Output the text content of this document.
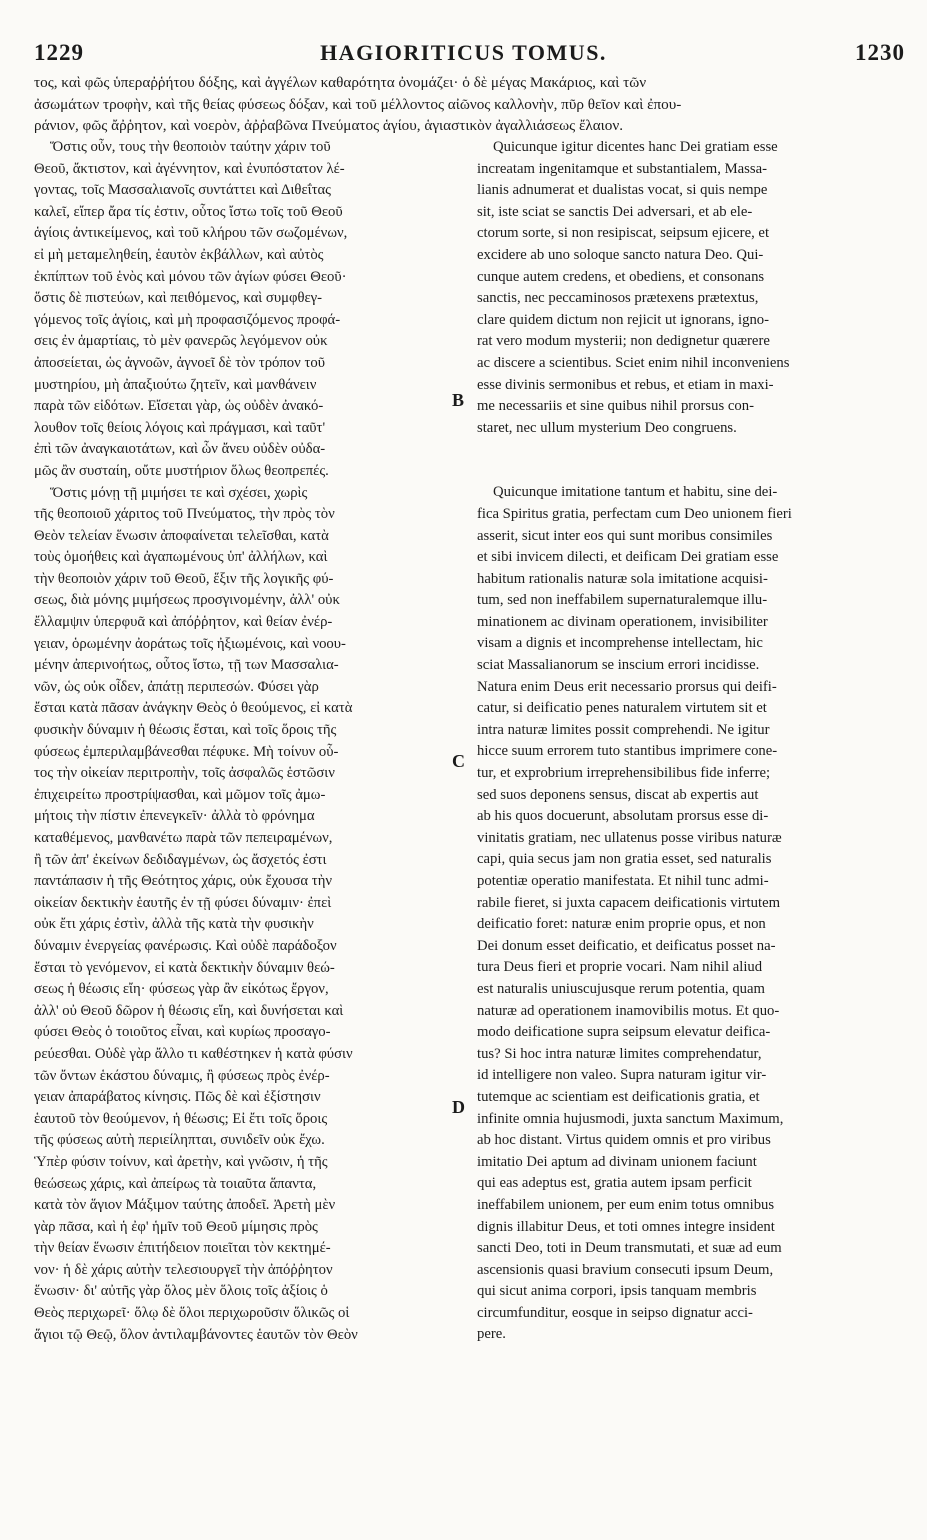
1229	HAGIORITICUS TOMUS.	1230
τος, καὶ φῶς ὑπεραῤῥήτου δόξης, καὶ ἀγγέλων καθαρότητα ὀνομάζει· ὁ δὲ μέγας Μακάριος, καὶ τῶν
ἀσωμάτων τροφὴν, καὶ τῆς θείας φύσεως δόξαν, καὶ τοῦ μέλλοντος αἰῶνος καλλονὴν, πῦρ θεῖον καὶ ἐπου-
ράνιον, φῶς ἄῤῥητον, καὶ νοερὸν, ἀῤῥαβῶνα Πνεύματος ἁγίου, ἁγιαστικὸν ἀγαλλιάσεως ἔλαιον.
Ὅστις οὖν, τους τὴν θεοποιὸν ταύτην χάριν τοῦ
Θεοῦ, ἄκτιστον, καὶ ἀγέννητον, καὶ ἐνυπόστατον λέ-
γοντας, τοῖς Μασσαλιανοῖς συντάττει καὶ Διθεΐτας
καλεῖ, εἴπερ ἄρα τίς ἐστιν, οὗτος ἴστω τοῖς τοῦ Θεοῦ
ἁγίοις ἀντικείμενος, καὶ τοῦ κλήρου τῶν σωζομένων,
εἰ μὴ μεταμεληθείη, ἑαυτὸν ἐκβάλλων, καὶ αὐτὸς
ἐκπίπτων τοῦ ἑνὸς καὶ μόνου τῶν ἁγίων φύσει Θεοῦ·
ὅστις δὲ πιστεύων, καὶ πειθόμενος, καὶ συμφθεγ-
γόμενος τοῖς ἁγίοις, καὶ μὴ προφασιζόμενος προφά-
σεις ἐν ἁμαρτίαις, τὸ μὲν φανερῶς λεγόμενον οὐκ
ἀποσείεται, ὡς ἀγνοῶν, ἀγνοεῖ δὲ τὸν τρόπον τοῦ
μυστηρίου, μὴ ἀπαξιούτω ζητεῖν, καὶ μανθάνειν
παρὰ τῶν εἰδότων. Εἴσεται γὰρ, ὡς οὐδὲν ἀνακό-
λουθον τοῖς θείοις λόγοις καὶ πράγμασι, καὶ ταῦτ'
ἐπὶ τῶν ἀναγκαιοτάτων, καὶ ὧν ἄνευ οὐδὲν οὐδα-
μῶς ἂν συσταίη, οὔτε μυστήριον ὅλως θεοπρεπές.
Ὅστις μόνῃ τῇ μιμήσει τε καὶ σχέσει, χωρὶς
τῆς θεοποιοῦ χάριτος τοῦ Πνεύματος, τὴν πρὸς τὸν
Θεὸν τελείαν ἕνωσιν ἀποφαίνεται τελεῖσθαι, κατὰ
τοὺς ὁμοήθεις καὶ ἀγαπωμένους ὑπ' ἀλλήλων, καὶ
τὴν θεοποιὸν χάριν τοῦ Θεοῦ, ἕξιν τῆς λογικῆς φύ-
σεως, διὰ μόνης μιμήσεως προσγινομένην, ἀλλ' οὐκ
ἔλλαμψιν ὑπερφυᾶ καὶ ἀπόῤῥητον, καὶ θείαν ἐνέρ-
γειαν, ὁρωμένην ἀοράτως τοῖς ἠξιωμένοις, καὶ νοου-
μένην ἀπερινοήτως, οὗτος ἴστω, τῇ των Μασσαλια-
νῶν, ὡς οὐκ οἶδεν, ἀπάτῃ περιπεσών. Φύσει γὰρ
ἔσται κατὰ πᾶσαν ἀνάγκην Θεὸς ὁ θεούμενος, εἰ κατὰ
φυσικὴν δύναμιν ἡ θέωσις ἔσται, καὶ τοῖς ὅροις τῆς
φύσεως ἐμπεριλαμβάνεσθαι πέφυκε. Μὴ τοίνυν οὗ-
τος τὴν οἰκείαν περιτροπὴν, τοῖς ἀσφαλῶς ἑστῶσιν
ἐπιχειρείτω προστρίψασθαι, καὶ μῶμον τοῖς ἀμω-
μήτοις τὴν πίστιν ἐπενεγκεῖν· ἀλλὰ τὸ φρόνημα
καταθέμενος, μανθανέτω παρὰ τῶν πεπειραμένων,
ἢ τῶν ἀπ' ἐκείνων δεδιδαγμένων, ὡς ἄσχετός ἐστι
παντάπασιν ἡ τῆς Θεότητος χάρις, οὐκ ἔχουσα τὴν
οἰκείαν δεκτικὴν ἑαυτῆς ἐν τῇ φύσει δύναμιν· ἐπεὶ
οὐκ ἔτι χάρις ἐστὶν, ἀλλὰ τῆς κατὰ τὴν φυσικὴν
δύναμιν ἐνεργείας φανέρωσις. Καὶ οὐδὲ παράδοξον
ἔσται τὸ γενόμενον, εἰ κατὰ δεκτικὴν δύναμιν θεώ-
σεως ἡ θέωσις εἴη· φύσεως γὰρ ἂν εἰκότως ἔργον,
ἀλλ' οὐ Θεοῦ δῶρον ἡ θέωσις εἴη, καὶ δυνήσεται καὶ
φύσει Θεὸς ὁ τοιοῦτος εἶναι, καὶ κυρίως προσαγο-
ρεύεσθαι. Οὐδὲ γὰρ ἄλλο τι καθέστηκεν ἡ κατὰ φύσιν
τῶν ὄντων ἑκάστου δύναμις, ἢ φύσεως πρὸς ἐνέρ-
γειαν ἀπαράβατος κίνησις. Πῶς δὲ καὶ ἐξίστησιν
ἑαυτοῦ τὸν θεούμενον, ἡ θέωσις; Εἰ ἔτι τοῖς ὅροις
τῆς φύσεως αὐτὴ περιείληπται, συνιδεῖν οὐκ ἔχω.
Ὑπὲρ φύσιν τοίνυν, καὶ ἀρετὴν, καὶ γνῶσιν, ἡ τῆς
θεώσεως χάρις, καὶ ἀπείρως τὰ τοιαῦτα ἅπαντα,
κατὰ τὸν ἅγιον Μάξιμον ταύτης ἀποδεῖ. Ἀρετὴ μὲν
γὰρ πᾶσα, καὶ ἡ ἐφ' ἡμῖν τοῦ Θεοῦ μίμησις πρὸς
τὴν θείαν ἕνωσιν ἐπιτήδειον ποιεῖται τὸν κεκτημέ-
νον· ἡ δὲ χάρις αὐτὴν τελεσιουργεῖ τὴν ἀπόῤῥητον
ἕνωσιν· δι' αὐτῆς γὰρ ὅλος μὲν ὅλοις τοῖς ἀξίοις ὁ
Θεὸς περιχωρεῖ· ὅλῳ δὲ ὅλοι περιχωροῦσιν ὅλικῶς οἱ
ἅγιοι τῷ Θεῷ, ὅλον ἀντιλαμβάνοντες ἑαυτῶν τὸν Θεὸν
Quicunque igitur dicentes hanc Dei gratiam esse
increatam ingenitamque et substantialem, Massa-
lianis adnumerat et dualistas vocat, si quis nempe
sit, iste sciat se sanctis Dei adversari, et ab ele-
ctorum sorte, si non resipiscat, seipsum ejicere, et
excidere ab uno soloque sancto natura Deo. Qui-
cunque autem credens, et obediens, et consonans
sanctis, nec peccaminosos prætexens prætextus,
clare quidem dictum non rejicit ut ignorans, igno-
rat vero modum mysterii; non dedignetur quærere
ac discere a scientibus. Sciet enim nihil inconveniens
esse divinis sermonibus et rebus, et etiam in maxi-
me necessariis et sine quibus nihil prorsus con-
staret, nec ullum mysterium Deo congruens.
Quicunque imitatione tantum et habitu, sine dei-
fica Spiritus gratia, perfectam cum Deo unionem fieri
asserit, sicut inter eos qui sunt moribus consimiles
et sibi invicem dilecti, et deificam Dei gratiam esse
habitum rationalis naturæ sola imitatione acquisi-
tum, sed non ineffabilem supernaturalemque illu-
minationem ac divinam operationem, invisibiliter
visam a dignis et incomprehense intellectam, hic
sciat Massalianorum se inscium errori incidisse.
Natura enim Deus erit necessario prorsus qui deifi-
catur, si deificatio penes naturalem virtutem sit et
intra naturæ limites possit comprehendi. Ne igitur
hicce suum errorem tuto stantibus imprimere cone-
tur, et exprobrium irreprehensibilibus fide inferre;
sed suos deponens sensus, discat ab expertis aut
ab his quos docuerunt, absolutam prorsus esse di-
vinitatis gratiam, nec ullatenus posse viribus naturæ
capi, quia secus jam non gratia esset, sed naturalis
potentiæ operatio manifestata. Et nihil tunc admi-
rabile fieret, si juxta capacem deificationis virtutem
deificatio foret: naturæ enim proprie opus, et non
Dei donum esset deificatio, et deificatus posset na-
tura Deus fieri et proprie vocari. Nam nihil aliud
est naturalis uniuscujusque rerum potentia, quam
naturæ ad operationem inamovibilis motus. Et quo-
modo deificatione supra seipsum elevatur deifica-
tus? Si hoc intra naturæ limites comprehendatur,
id intelligere non valeo. Supra naturam igitur vir-
tutemque ac scientiam est deificationis gratia, et
infinite omnia hujusmodi, juxta sanctum Maximum,
ab hoc distant. Virtus quidem omnis et pro viribus
imitatio Dei aptum ad divinam unionem faciunt
qui eas adeptus est, gratia autem ipsam perficit
ineffabilem unionem, per eum enim totus omnibus
dignis illabitur Deus, et toti omnes integre insident
sancti Deo, toti in Deum transmutati, et suæ ad eum
ascensionis quasi bravium consecuti ipsum Deum,
qui sicut anima corpori, ipsis tanquam membris
circumfunditur, eosque in seipso dignatur acci-
pere.
B
C
D
